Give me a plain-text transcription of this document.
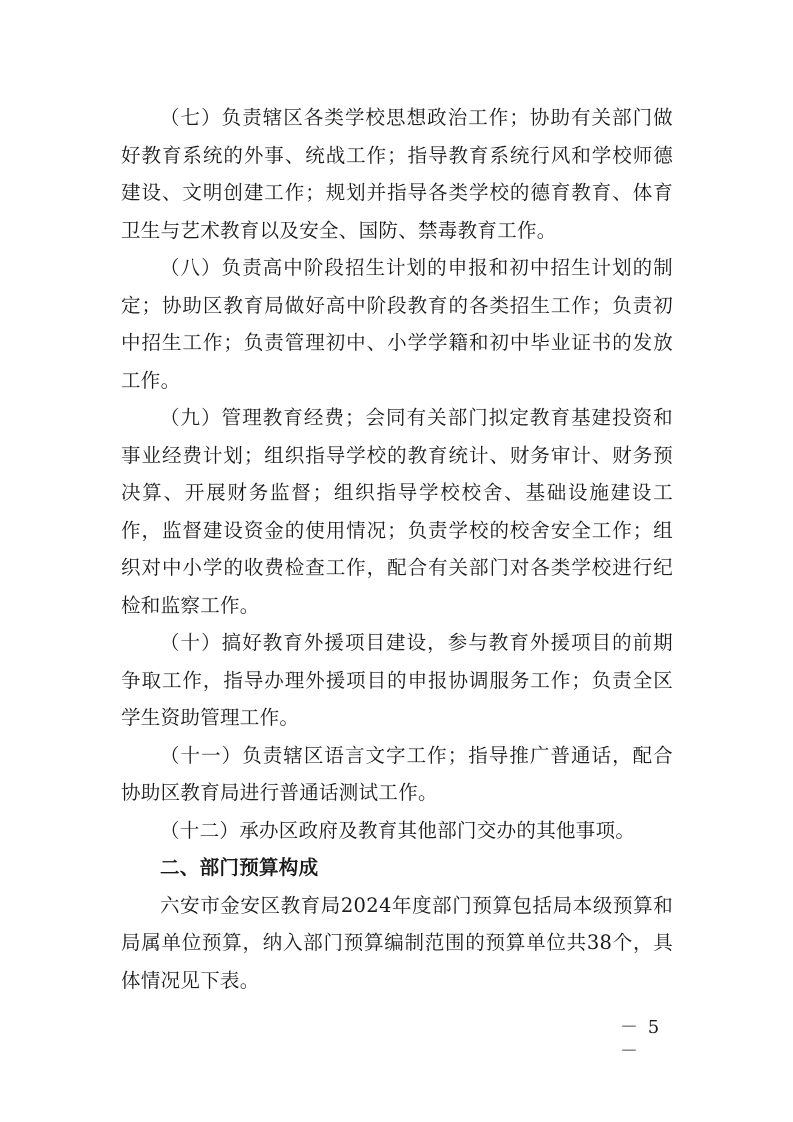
（七）负责辖区各类学校思想政治工作；协助有关部门做好教育系统的外事、统战工作；指导教育系统行风和学校师德建设、文明创建工作；规划并指导各类学校的德育教育、体育卫生与艺术教育以及安全、国防、禁毒教育工作。

（八）负责高中阶段招生计划的申报和初中招生计划的制定；协助区教育局做好高中阶段教育的各类招生工作；负责初中招生工作；负责管理初中、小学学籍和初中毕业证书的发放工作。

（九）管理教育经费；会同有关部门拟定教育基建投资和事业经费计划；组织指导学校的教育统计、财务审计、财务预决算、开展财务监督；组织指导学校校舍、基础设施建设工作，监督建设资金的使用情况；负责学校的校舍安全工作；组织对中小学的收费检查工作，配合有关部门对各类学校进行纪检和监察工作。

（十）搞好教育外援项目建设，参与教育外援项目的前期争取工作，指导办理外援项目的申报协调服务工作；负责全区学生资助管理工作。

（十一）负责辖区语言文字工作；指导推广普通话，配合协助区教育局进行普通话测试工作。

（十二）承办区政府及教育其他部门交办的其他事项。

二、部门预算构成

六安市金安区教育局2024年度部门预算包括局本级预算和局属单位预算，纳入部门预算编制范围的预算单位共38个，具体情况见下表。

－ 5 －
